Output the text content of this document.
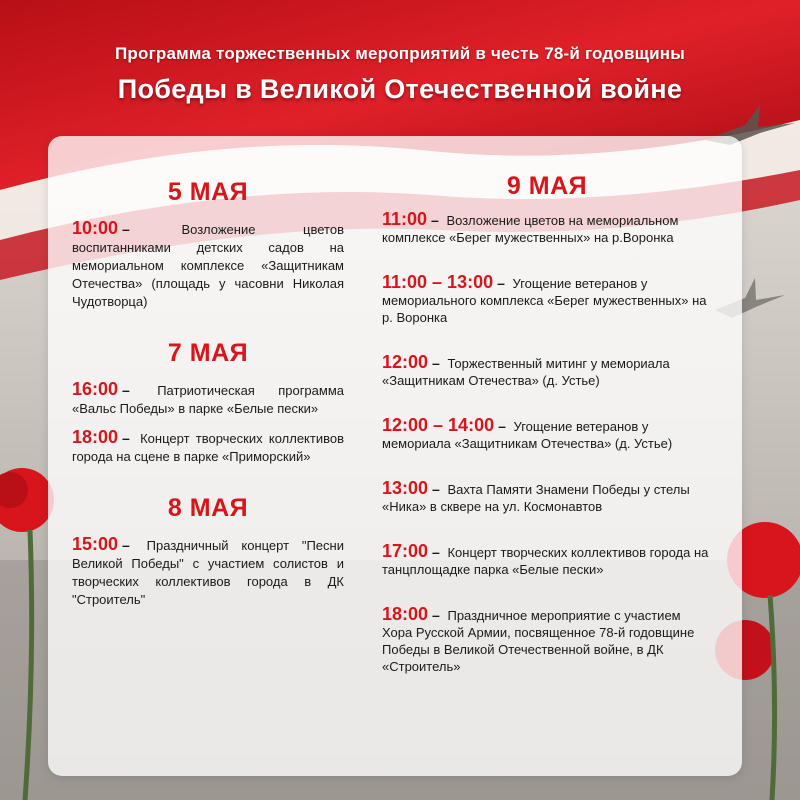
Программа торжественных мероприятий в честь 78-й годовщины
Победы в Великой Отечественной войне
5 МАЯ
10:00 –	Возложение цветов воспитанниками детских садов на мемориальном комплексе «Защитникам Отечества» (площадь у часовни Николая Чудотворца)
7 МАЯ
16:00 – Патриотическая программа «Вальс Победы» в парке «Белые пески»
18:00 – Концерт творческих коллективов города на сцене в парке «Приморский»
8 МАЯ
15:00 – Праздничный концерт "Песни Великой Победы" с участием солистов и творческих коллективов города в ДК "Строитель"
9 МАЯ
11:00 – Возложение цветов на мемориальном комплексе «Берег мужественных» на р.Воронка
11:00 – 13:00 – Угощение ветеранов у мемориального комплекса «Берег мужественных» на р. Воронка
12:00 – Торжественный митинг у мемориала «Защитникам Отечества» (д. Устье)
12:00 – 14:00 – Угощение ветеранов у мемориала «Защитникам Отечества» (д. Устье)
13:00 – Вахта Памяти Знамени Победы у стелы «Ника» в сквере на ул. Космонавтов
17:00 – Концерт творческих коллективов города на танцплощадке парка «Белые пески»
18:00 – Праздничное мероприятие с участием Хора Русской Армии, посвященное 78-й годовщине Победы в Великой Отечественной войне, в ДК «Строитель»
